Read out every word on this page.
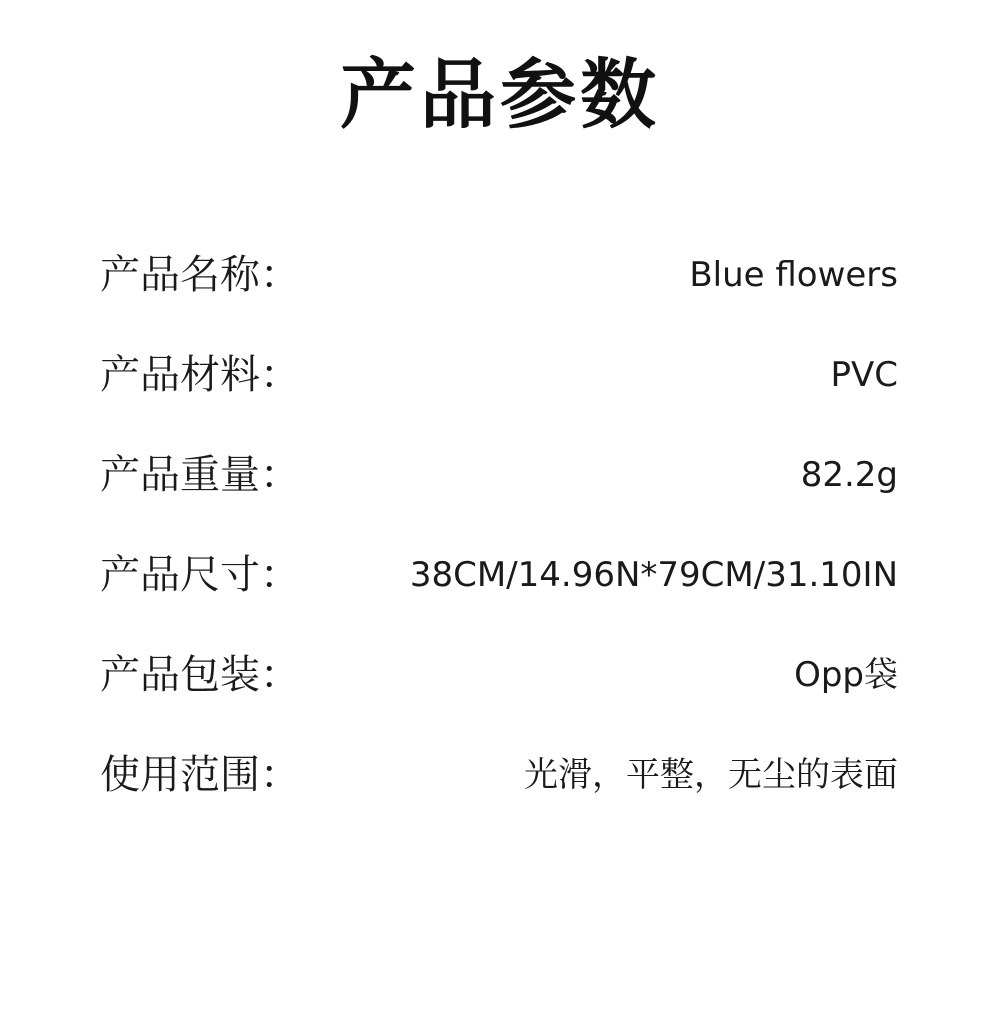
产品参数
产品名称：	Blue flowers
产品材料：	PVC
产品重量：	82.2g
产品尺寸：	38CM/14.96N*79CM/31.10IN
产品包装：	Opp袋
使用范围：	光滑，平整，无尘的表面
